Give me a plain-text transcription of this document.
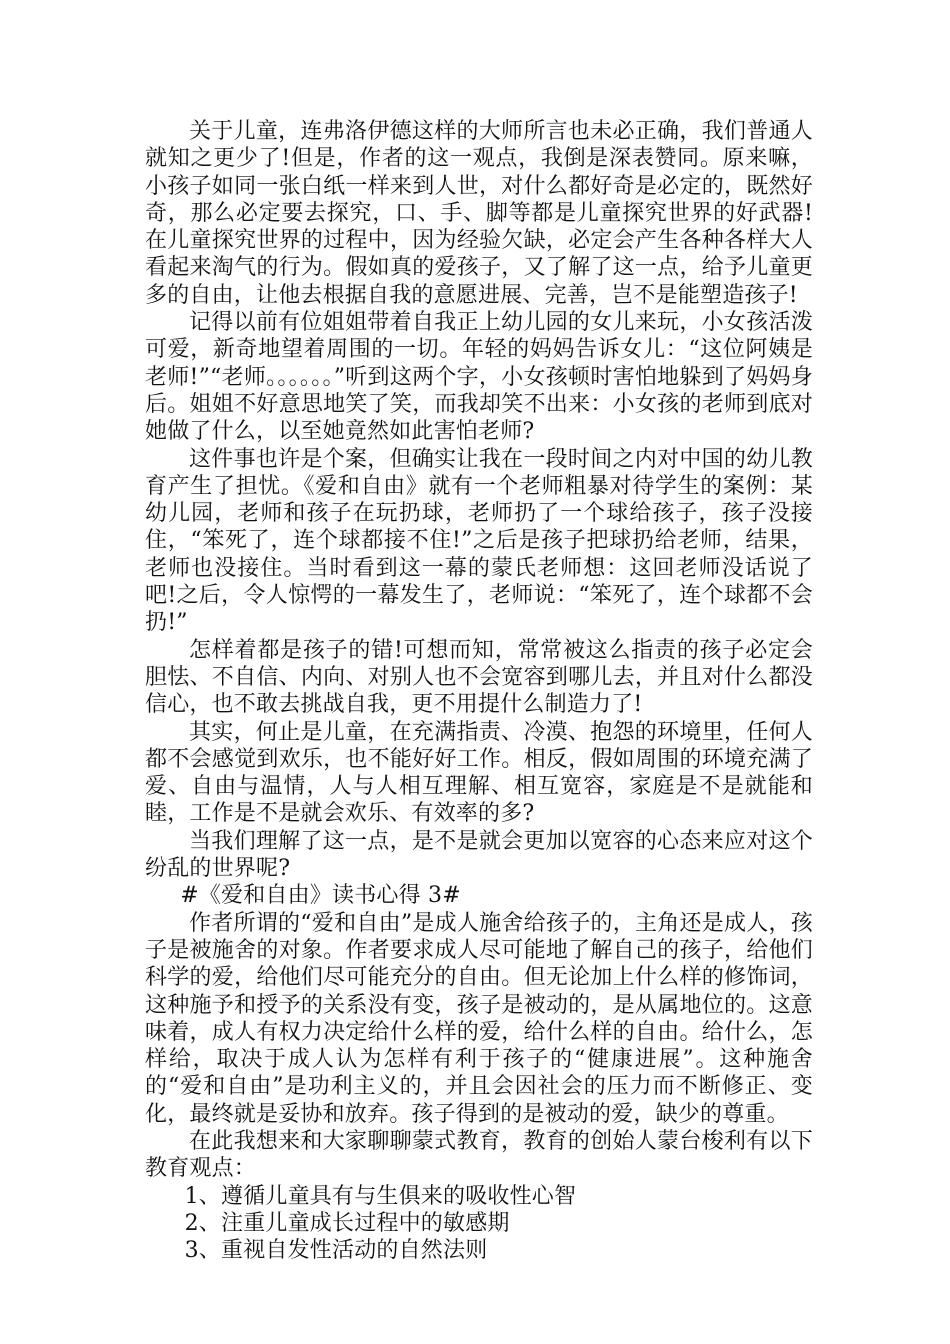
关于儿童，连弗洛伊德这样的大师所言也未必正确，我们普通人就知之更少了!但是，作者的这一观点，我倒是深表赞同。原来嘛，小孩子如同一张白纸一样来到人世，对什么都好奇是必定的，既然好奇，那么必定要去探究，口、手、脚等都是儿童探究世界的好武器!在儿童探究世界的过程中，因为经验欠缺，必定会产生各种各样大人看起来淘气的行为。假如真的爱孩子，又了解了这一点，给予儿童更多的自由，让他去根据自我的意愿进展、完善，岂不是能塑造孩子!

记得以前有位姐姐带着自我正上幼儿园的女儿来玩，小女孩活泼可爱，新奇地望着周围的一切。年轻的妈妈告诉女儿：“这位阿姨是老师!”“老师。。。。。。”听到这两个字，小女孩顿时害怕地躲到了妈妈身后。姐姐不好意思地笑了笑，而我却笑不出来：小女孩的老师到底对她做了什么，以至她竟然如此害怕老师?

这件事也许是个案，但确实让我在一段时间之内对中国的幼儿教育产生了担忧。《爱和自由》就有一个老师粗暴对待学生的案例：某幼儿园，老师和孩子在玩扔球，老师扔了一个球给孩子，孩子没接住，“笨死了，连个球都接不住!”之后是孩子把球扔给老师，结果，老师也没接住。当时看到这一幕的蒙氏老师想：这回老师没话说了吧!之后，令人惊愕的一幕发生了，老师说：“笨死了，连个球都不会扔!”

怎样着都是孩子的错!可想而知，常常被这么指责的孩子必定会胆怯、不自信、内向、对别人也不会宽容到哪儿去，并且对什么都没信心，也不敢去挑战自我，更不用提什么制造力了!

其实，何止是儿童，在充满指责、冷漠、抱怨的环境里，任何人都不会感觉到欢乐，也不能好好工作。相反，假如周围的环境充满了爱、自由与温情，人与人相互理解、相互宽容，家庭是不是就能和睦，工作是不是就会欢乐、有效率的多?

当我们理解了这一点，是不是就会更加以宽容的心态来应对这个纷乱的世界呢?

#《爱和自由》读书心得 3#

作者所谓的“爱和自由”是成人施舍给孩子的，主角还是成人，孩子是被施舍的对象。作者要求成人尽可能地了解自己的孩子，给他们科学的爱，给他们尽可能充分的自由。但无论加上什么样的修饰词，这种施予和授予的关系没有变，孩子是被动的，是从属地位的。这意味着，成人有权力决定给什么样的爱，给什么样的自由。给什么，怎样给，取决于成人认为怎样有利于孩子的“健康进展”。这种施舍的“爱和自由”是功利主义的，并且会因社会的压力而不断修正、变化，最终就是妥协和放弃。孩子得到的是被动的爱，缺少的尊重。

在此我想来和大家聊聊蒙式教育，教育的创始人蒙台梭利有以下教育观点：

1、遵循儿童具有与生俱来的吸收性心智

2、注重儿童成长过程中的敏感期

3、重视自发性活动的自然法则
